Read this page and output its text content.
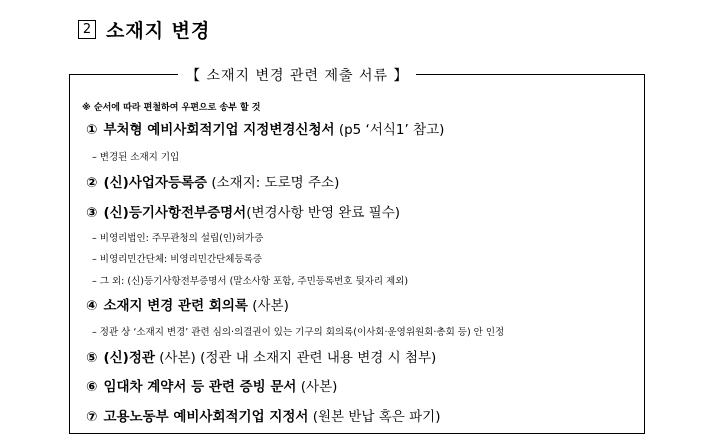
2 소재지 변경
【 소재지 변경 관련 제출 서류 】
※ 순서에 따라 편철하여 우편으로 송부 할 것
① 부처형 예비사회적기업 지정변경신청서 (p5 ‘서식1’ 참고)
– 변경된 소재지 기입
② (신)사업자등록증 (소재지: 도로명 주소)
③ (신)등기사항전부증명서(변경사항 반영 완료 필수)
– 비영리법인: 주무관청의 설립(인)허가증
– 비영리민간단체: 비영리민간단체등록증
– 그 외: (신)등기사항전부증명서 (말소사항 포함, 주민등록번호 뒷자리 제외)
④ 소재지 변경 관련 회의록 (사본)
– 정관 상 ‘소재지 변경’ 관련 심의·의결권이 있는 기구의 회의록(이사회·운영위원회·총회 등) 안 인정
⑤ (신)정관 (사본) (정관 내 소재지 관련 내용 변경 시 첨부)
⑥ 임대차 계약서 등 관련 증빙 문서 (사본)
⑦ 고용노동부 예비사회적기업 지정서 (원본 반납 혹은 파기)
